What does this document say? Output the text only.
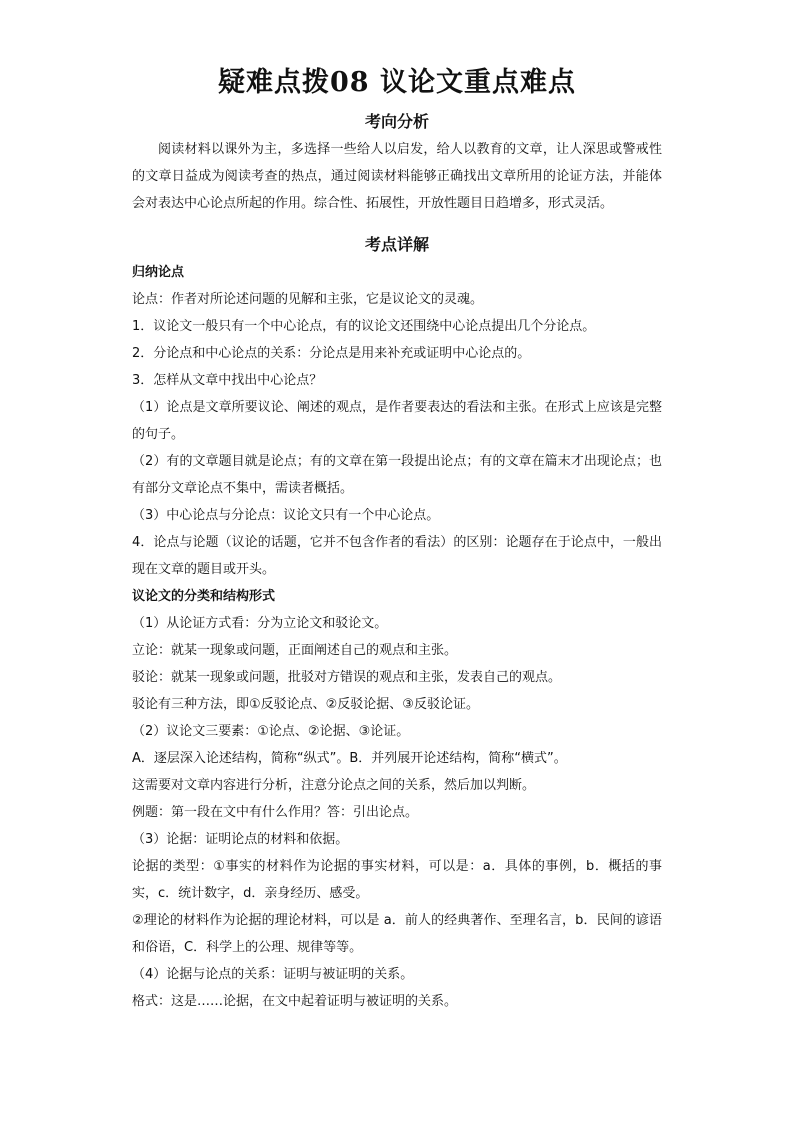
疑难点拨08 议论文重点难点
考向分析

阅读材料以课外为主，多选择一些给人以启发，给人以教育的文章，让人深思或警戒性的文章日益成为阅读考查的热点，通过阅读材料能够正确找出文章所用的论证方法，并能体会对表达中心论点所起的作用。综合性、拓展性，开放性题目日趋增多，形式灵活。

考点详解

归纳论点

论点：作者对所论述问题的见解和主张，它是议论文的灵魂。

1．议论文一般只有一个中心论点，有的议论文还围绕中心论点提出几个分论点。

2．分论点和中心论点的关系：分论点是用来补充或证明中心论点的。

3．怎样从文章中找出中心论点？

（1）论点是文章所要议论、阐述的观点，是作者要表达的看法和主张。在形式上应该是完整的句子。

（2）有的文章题目就是论点；有的文章在第一段提出论点；有的文章在篇末才出现论点；也有部分文章论点不集中，需读者概括。

（3）中心论点与分论点：议论文只有一个中心论点。

4．论点与论题（议论的话题，它并不包含作者的看法）的区别：论题存在于论点中，一般出现在文章的题目或开头。

议论文的分类和结构形式

（1）从论证方式看：分为立论文和驳论文。

立论：就某一现象或问题，正面阐述自己的观点和主张。

驳论：就某一现象或问题，批驳对方错误的观点和主张，发表自己的观点。

驳论有三种方法，即①反驳论点、②反驳论据、③反驳论证。

（2）议论文三要素：①论点、②论据、③论证。

A．逐层深入论述结构，简称“纵式”。B．并列展开论述结构，简称“横式”。

这需要对文章内容进行分析，注意分论点之间的关系，然后加以判断。

例题：第一段在文中有什么作用？答：引出论点。

（3）论据：证明论点的材料和依据。

论据的类型：①事实的材料作为论据的事实材料，可以是：a．具体的事例，b．概括的事实，c．统计数字，d．亲身经历、感受。

②理论的材料作为论据的理论材料，可以是 a．前人的经典著作、至理名言，b．民间的谚语和俗语，C．科学上的公理、规律等等。

（4）论据与论点的关系：证明与被证明的关系。

格式：这是……论据，在文中起着证明与被证明的关系。
